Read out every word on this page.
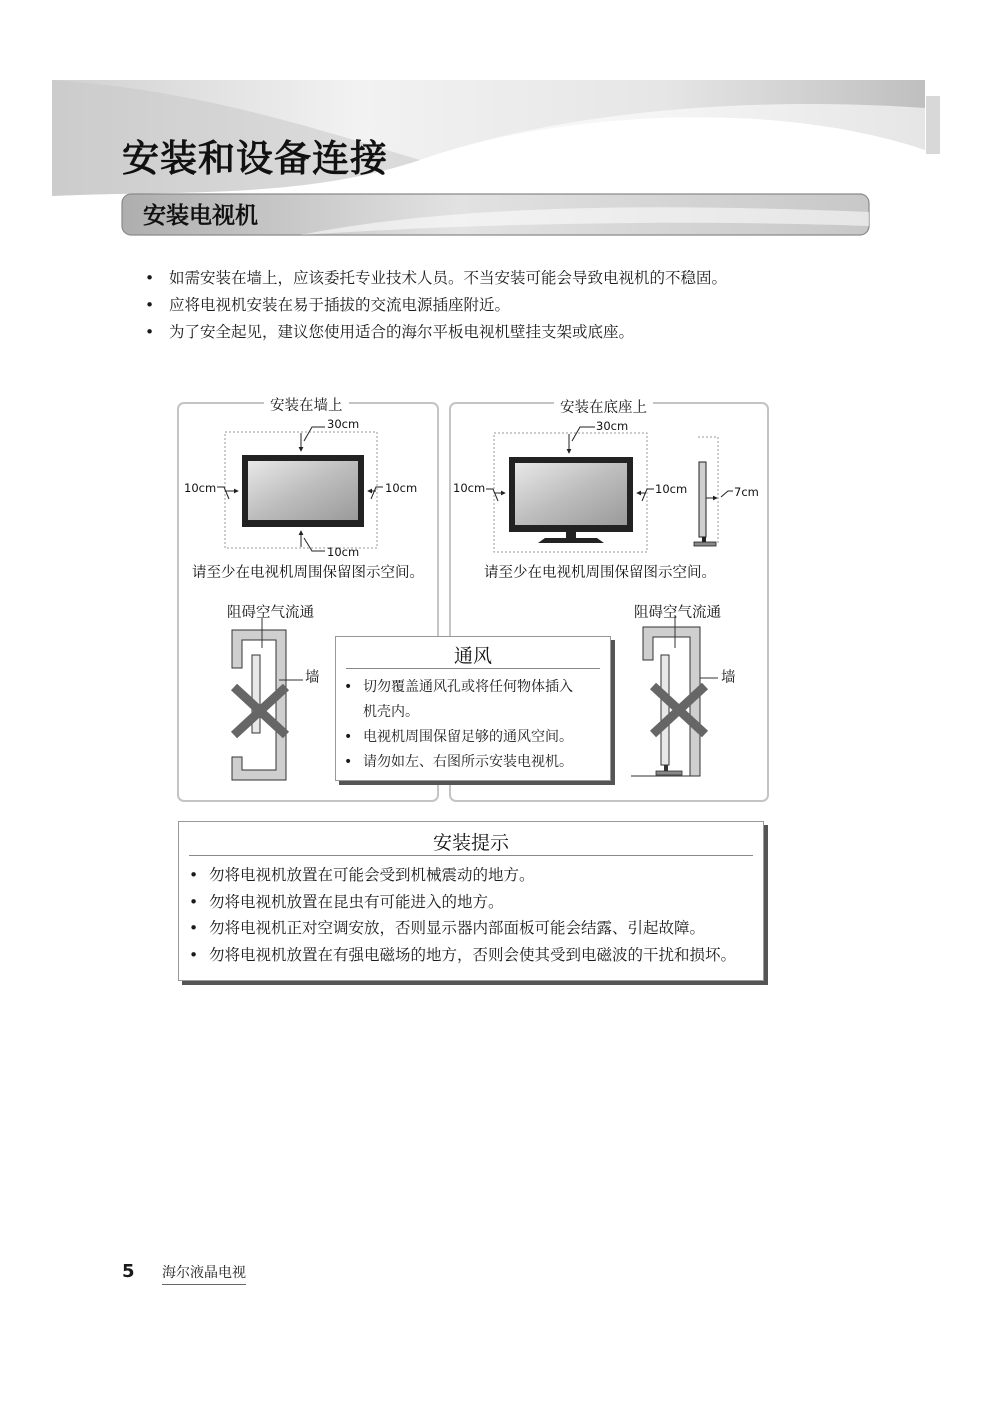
安装和设备连接
安装电视机
• 如需安装在墙上，应该委托专业技术人员。不当安装可能会导致电视机的不稳固。
• 应将电视机安装在易于插拔的交流电源插座附近。
• 为了安全起见，建议您使用适合的海尔平板电视机壁挂支架或底座。
安装在墙上	安装在底座上
30cm
10cm	10cm
10cm
请至少在电视机周围保留图示空间。
30cm
10cm	10cm	7cm
请至少在电视机周围保留图示空间。
阻碍空气流通	阻碍空气流通
墙	墙
通风
• 切勿覆盖通风孔或将任何物体插入
机壳内。
• 电视机周围保留足够的通风空间。
• 请勿如左、右图所示安装电视机。
安装提示
• 勿将电视机放置在可能会受到机械震动的地方。
• 勿将电视机放置在昆虫有可能进入的地方。
• 勿将电视机正对空调安放，否则显示器内部面板可能会结露、引起故障。
• 勿将电视机放置在有强电磁场的地方，否则会使其受到电磁波的干扰和损坏。
5 海尔液晶电视
